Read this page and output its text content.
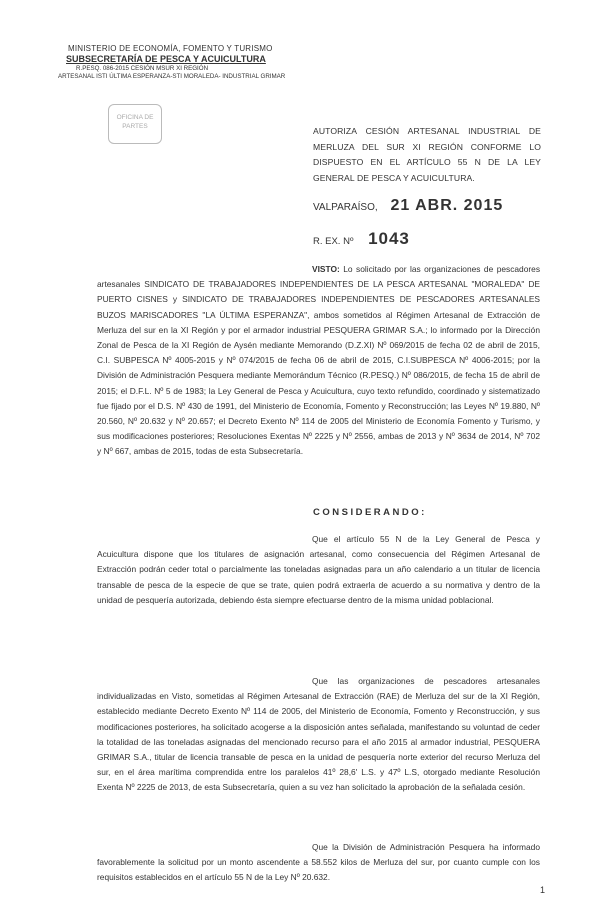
MINISTERIO DE ECONOMÍA, FOMENTO Y TURISMO
SUBSECRETARÍA DE PESCA Y ACUICULTURA
R.PESQ. 086-2015 CESIÓN MSUR XI REGIÓN
ARTESANAL ISTI ÚLTIMA ESPERANZA-STI MORALEDA- INDUSTRIAL GRIMAR
OFICINA DE PARTES	AUTORIZA CESIÓN ARTESANAL INDUSTRIAL DE MERLUZA DEL SUR XI REGIÓN CONFORME LO DISPUESTO EN EL ARTÍCULO 55 N DE LA LEY GENERAL DE PESCA Y ACUICULTURA.
VALPARAÍSO, 21 ABR. 2015
R. EX. Nº 1043
VISTO: Lo solicitado por las organizaciones de pescadores artesanales SINDICATO DE TRABAJADORES INDEPENDIENTES DE LA PESCA ARTESANAL "MORALEDA" DE PUERTO CISNES y SINDICATO DE TRABAJADORES INDEPENDIENTES DE PESCADORES ARTESANALES BUZOS MARISCADORES "LA ÚLTIMA ESPERANZA", ambos sometidos al Régimen Artesanal de Extracción de Merluza del sur en la XI Región y por el armador industrial PESQUERA GRIMAR S.A.; lo informado por la Dirección Zonal de Pesca de la XI Región de Aysén mediante Memorando (D.Z.XI) Nº 069/2015 de fecha 02 de abril de 2015, C.I. SUBPESCA Nº 4005-2015 y Nº 074/2015 de fecha 06 de abril de 2015, C.I.SUBPESCA Nº 4006-2015; por la División de Administración Pesquera mediante Memorándum Técnico (R.PESQ.) Nº 086/2015, de fecha 15 de abril de 2015; el D.F.L. Nº 5 de 1983; la Ley General de Pesca y Acuicultura, cuyo texto refundido, coordinado y sistematizado fue fijado por el D.S. Nº 430 de 1991, del Ministerio de Economía, Fomento y Reconstrucción; las Leyes Nº 19.880, Nº 20.560, Nº 20.632 y Nº 20.657; el Decreto Exento Nº 114 de 2005 del Ministerio de Economía Fomento y Turismo, y sus modificaciones posteriores; Resoluciones Exentas Nº 2225 y Nº 2556, ambas de 2013 y Nº 3634 de 2014, Nº 702 y Nº 667, ambas de 2015, todas de esta Subsecretaría.
CONSIDERANDO:
Que el artículo 55 N de la Ley General de Pesca y Acuicultura dispone que los titulares de asignación artesanal, como consecuencia del Régimen Artesanal de Extracción podrán ceder total o parcialmente las toneladas asignadas para un año calendario a un titular de licencia transable de pesca de la especie de que se trate, quien podrá extraerla de acuerdo a su normativa y dentro de la unidad de pesquería autorizada, debiendo ésta siempre efectuarse dentro de la misma unidad poblacional.
Que las organizaciones de pescadores artesanales individualizadas en Visto, sometidas al Régimen Artesanal de Extracción (RAE) de Merluza del sur de la XI Región, establecido mediante Decreto Exento Nº 114 de 2005, del Ministerio de Economía, Fomento y Reconstrucción, y sus modificaciones posteriores, ha solicitado acogerse a la disposición antes señalada, manifestando su voluntad de ceder la totalidad de las toneladas asignadas del mencionado recurso para el año 2015 al armador industrial, PESQUERA GRIMAR S.A., titular de licencia transable de pesca en la unidad de pesquería norte exterior del recurso Merluza del sur, en el área marítima comprendida entre los paralelos 41º 28,6' L.S. y 47º L.S, otorgado mediante Resolución Exenta Nº 2225 de 2013, de esta Subsecretaría, quien a su vez han solicitado la aprobación de la señalada cesión.
Que la División de Administración Pesquera ha informado favorablemente la solicitud por un monto ascendente a 58.552 kilos de Merluza del sur, por cuanto cumple con los requisitos establecidos en el artículo 55 N de la Ley Nº 20.632.
1
